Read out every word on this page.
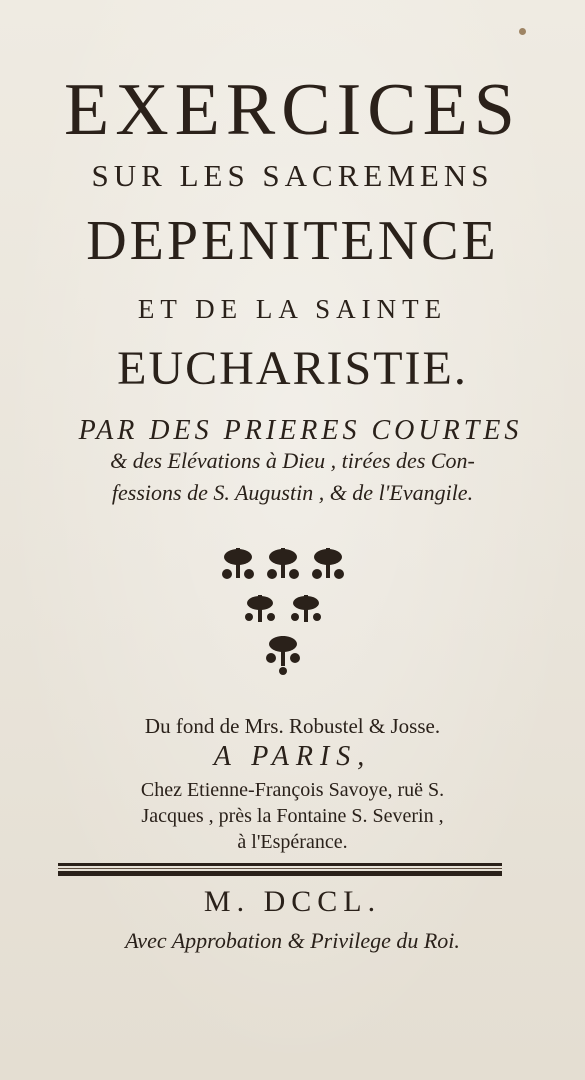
EXERCICES

SUR LES SACREMENS

DEPENITENCE

ET DE LA SAINTE

EUCHARISTIE.

PAR DES PRIERES COURTES

& des Elévations à Dieu , tirées des Con-

fessions de S. Augustin , & de l'Evangile.

Du fond de Mrs. Robustel & Josse.

A PARIS,

Chez Etienne-François Savoye, ruë S.

Jacques , près la Fontaine S. Severin ,

à l'Espérance.

M. DCCL.

Avec Approbation & Privilege du Roi.
